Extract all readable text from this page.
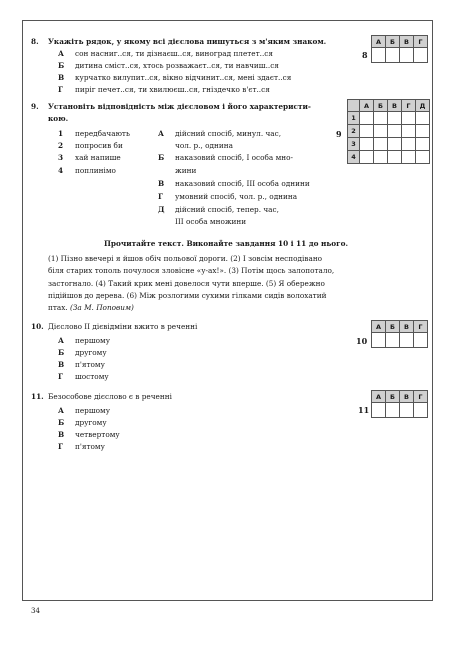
8. Укажіть рядок, у якому всі дієслова пишуться з м'яким знаком.
А сон насниг..ся, ти дізнаєш..ся, виноград плетет..ся
Б дитина сміст..ся, хтось розважаєт..ся, ти навчиш..ся
В курчатко вилупит..ся, вікно відчинит..ся, мені здаєт..ся
Г пиріг печет..ся, ти хвилюєш..ся, гніздечко в'єт..ся
8
А	Б	В	Г

9. Установіть відповідність між дієсловом і його характеристи-
кою.
1 передбачають
2 попросив би
3 хай напише
4 поплинімо
А дійсний спосіб, минул. час,
чол. р., однина
Б наказовий спосіб, І особа мно-
жини
В наказовий спосіб, ІІІ особа однини
Г умовний спосіб, чол. р., однина
Д дійсний спосіб, тепер. час,
ІІІ особа множини
9
	А	Б	В	Г	Д
1					
2					
3					
4					
Прочитайте текст. Виконайте завдання 10 і 11 до нього.
(1) Пізно ввечері я йшов обіч польової дороги. (2) І зовсім несподівано
біля старих тополь почулося зловісне «у-ах!». (3) Потім щось залопотало,
застогнало. (4) Такий крик мені довелося чути вперше. (5) Я обережно
підійшов до дерева. (6) Між розлогими сухими гілками сидів волохатий
птах. (За М. Поповим)
10. Дієслово ІІ дієвідміни вжито в реченні
А першому
Б другому
В п'ятому
Г шостому
10
А	Б	В	Г

11. Безособове дієслово є в реченні
А першому
Б другому
В четвертому
Г п'ятому
11
А	Б	В	Г

34
